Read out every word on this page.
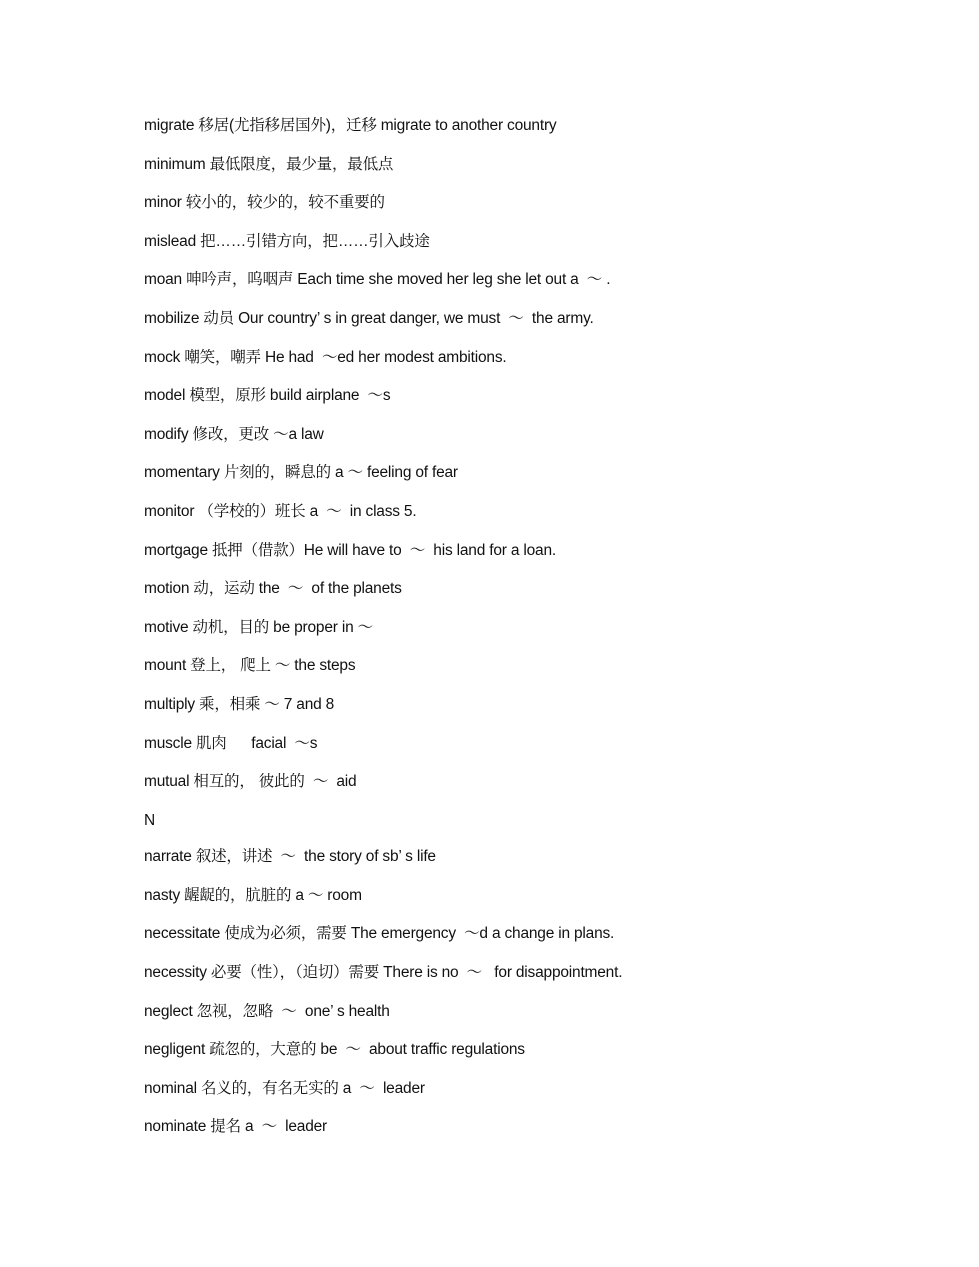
migrate 移居(尤指移居国外)，迁移 migrate to another country
minimum 最低限度，最少量，最低点
minor 较小的，较少的，较不重要的
mislead 把……引错方向，把……引入歧途
moan 呻吟声，呜咽声 Each time she moved her leg she let out a  ～ .
mobilize 动员 Our country’ s in great danger, we must  ～  the army.
mock 嘲笑，嘲弄 He had  ～ed her modest ambitions.
model 模型，原形 build airplane  ～s
modify 修改，更改 ～a law
momentary 片刻的，瞬息的 a ～ feeling of fear
monitor （学校的）班长 a  ～  in class 5.
mortgage 抵押（借款）He will have to  ～  his land for a loan.
motion 动，运动 the  ～  of the planets
motive 动机，目的 be proper in ～
mount 登上， 爬上 ～ the steps
multiply 乘，相乘 ～ 7 and 8
muscle 肌肉      facial  ～s
mutual 相互的， 彼此的  ～  aid
N
narrate 叙述，讲述  ～  the story of sb’ s life
nasty 龌龊的，肮脏的 a ～ room
necessitate 使成为必须，需要 The emergency  ～d a change in plans.
necessity 必要（性），（迫切）需要 There is no  ～   for disappointment.
neglect 忽视，忽略  ～  one’ s health
negligent 疏忽的，大意的 be  ～  about traffic regulations
nominal 名义的，有名无实的 a  ～  leader
nominate 提名 a  ～  leader
